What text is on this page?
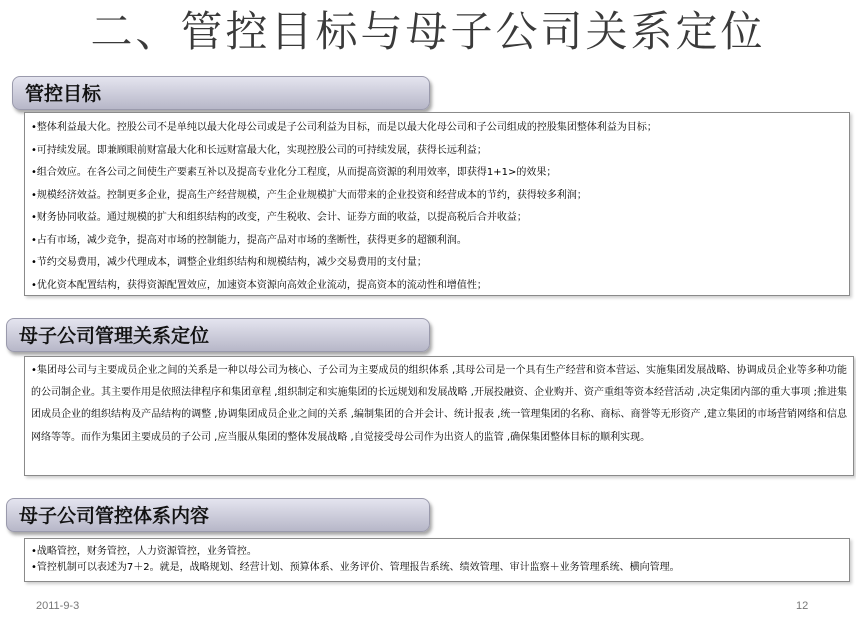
二、管控目标与母子公司关系定位
管控目标
•整体利益最大化。控股公司不是单纯以最大化母公司或是子公司利益为目标，而是以最大化母公司和子公司组成的控股集团整体利益为目标；
•可持续发展。即兼顾眼前财富最大化和长远财富最大化，实现控股公司的可持续发展，获得长远利益；
•组合效应。在各公司之间使生产要素互补以及提高专业化分工程度，从而提高资源的利用效率，即获得1+1>的效果；
•规模经济效益。控制更多企业，提高生产经营规模，产生企业规模扩大而带来的企业投资和经营成本的节约，获得较多利润；
•财务协同收益。通过规模的扩大和组织结构的改变，产生税收、会计、证券方面的收益，以提高税后合并收益；
•占有市场，减少竞争，提高对市场的控制能力，提高产品对市场的垄断性，获得更多的超额利润。
•节约交易费用，减少代理成本，调整企业组织结构和规模结构，减少交易费用的支付量；
•优化资本配置结构，获得资源配置效应，加速资本资源向高效企业流动，提高资本的流动性和增值性；
母子公司管理关系定位
•集团母公司与主要成员企业之间的关系是一种以母公司为核心、子公司为主要成员的组织体系 ,其母公司是一个具有生产经营和资本营运、实施集团发展战略、协调成员企业等多种功能的公司制企业。其主要作用是依照法律程序和集团章程 ,组织制定和实施集团的长远规划和发展战略 ,开展投融资、企业购并、资产重组等资本经营活动 ,决定集团内部的重大事项 ;推进集团成员企业的组织结构及产品结构的调整 ,协调集团成员企业之间的关系 ,编制集团的合并会计、统计报表 ,统一管理集团的名称、商标、商誉等无形资产 ,建立集团的市场营销网络和信息网络等等。而作为集团主要成员的子公司 ,应当服从集团的整体发展战略 ,自觉接受母公司作为出资人的监管 ,确保集团整体目标的顺利实现。
母子公司管控体系内容
•战略管控，财务管控，人力资源管控，业务管控。
•管控机制可以表述为7＋2。就是，战略规划、经营计划、预算体系、业务评价、管理报告系统、绩效管理、审计监察＋业务管理系统、横向管理。
2011-9-3	12
